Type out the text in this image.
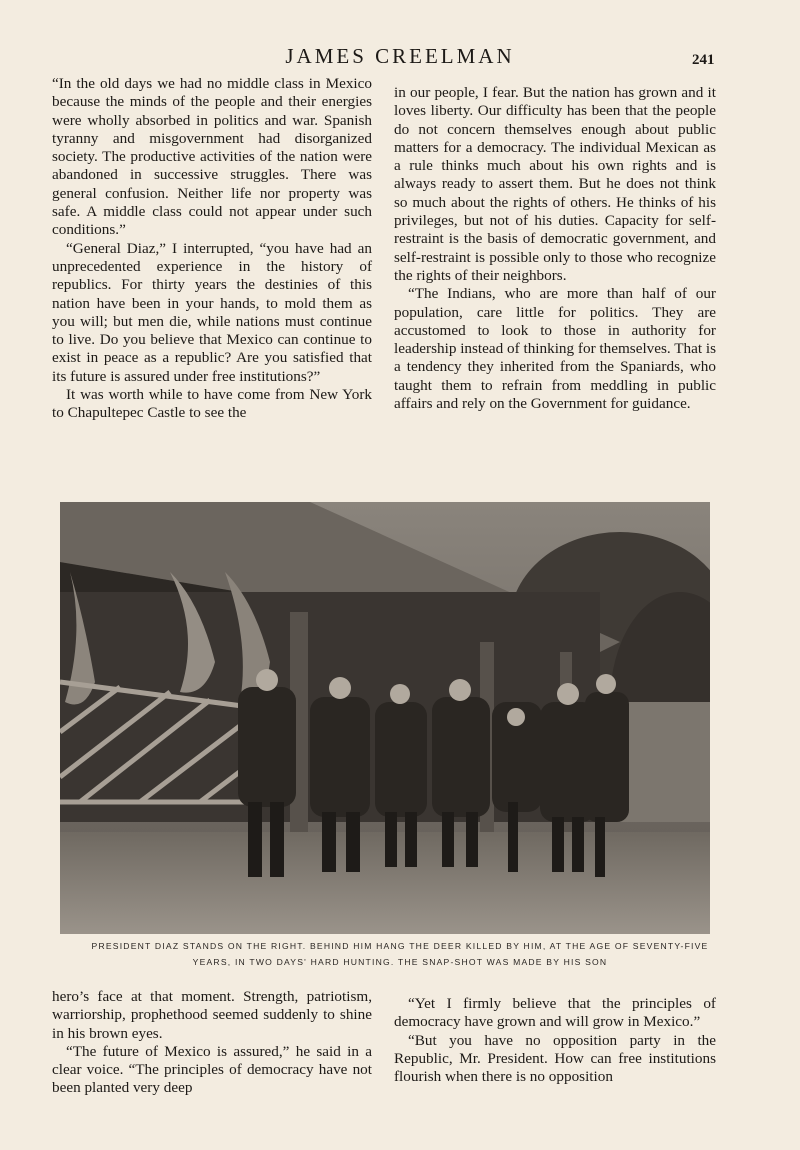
JAMES CREELMAN	241

“In the old days we had no middle class in Mexico because the minds of the people and their energies were wholly absorbed in politics and war. Spanish tyranny and misgovernment had disorganized society. The productive activities of the nation were abandoned in successive struggles. There was general confusion. Neither life nor property was safe. A middle class could not appear under such conditions.”

“General Diaz,” I interrupted, “you have had an unprecedented experience in the history of republics. For thirty years the destinies of this nation have been in your hands, to mold them as you will; but men die, while nations must continue to live. Do you believe that Mexico can continue to exist in peace as a republic? Are you satisfied that its future is assured under free institutions?”

It was worth while to have come from New York to Chapultepec Castle to see the

in our people, I fear. But the nation has grown and it loves liberty. Our difficulty has been that the people do not concern themselves enough about public matters for a democracy. The individual Mexican as a rule thinks much about his own rights and is always ready to assert them. But he does not think so much about the rights of others. He thinks of his privileges, but not of his duties. Capacity for self-restraint is the basis of democratic government, and self-restraint is possible only to those who recognize the rights of their neighbors.

“The Indians, who are more than half of our population, care little for politics. They are accustomed to look to those in authority for leadership instead of thinking for themselves. That is a tendency they inherited from the Spaniards, who taught them to refrain from meddling in public affairs and rely on the Government for guidance.

PRESIDENT DIAZ STANDS ON THE RIGHT. BEHIND HIM HANG THE DEER KILLED BY HIM, AT THE AGE OF SEVENTY-FIVE
YEARS, IN TWO DAYS' HARD HUNTING. THE SNAP-SHOT WAS MADE BY HIS SON

hero’s face at that moment. Strength, patriotism, warriorship, prophethood seemed suddenly to shine in his brown eyes.

“The future of Mexico is assured,” he said in a clear voice. “The principles of democracy have not been planted very deep

“Yet I firmly believe that the principles of democracy have grown and will grow in Mexico.”

“But you have no opposition party in the Republic, Mr. President. How can free institutions flourish when there is no opposition
